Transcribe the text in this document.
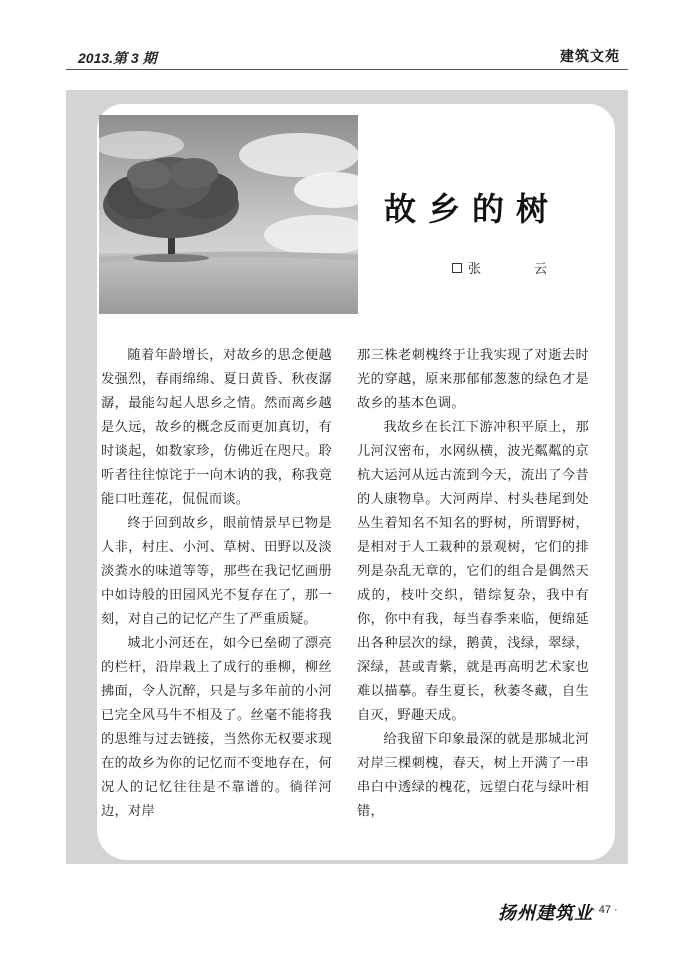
2013.第 3 期	建筑文苑
故乡的树
张　云

随着年龄增长，对故乡的思念便越发强烈，春雨绵绵、夏日黄昏、秋夜潺潺，最能勾起人思乡之情。然而离乡越是久远，故乡的概念反而更加真切，有时谈起，如数家珍，仿佛近在咫尺。聆听者往往惊诧于一向木讷的我，称我竟能口吐莲花，侃侃而谈。

终于回到故乡，眼前情景早已物是人非，村庄、小河、草树、田野以及淡淡粪水的味道等等，那些在我记忆画册中如诗般的田园风光不复存在了，那一刻，对自己的记忆产生了严重质疑。

城北小河还在，如今已垒砌了漂亮的栏杆，沿岸栽上了成行的垂柳，柳丝拂面，令人沉醉，只是与多年前的小河已完全风马牛不相及了。丝毫不能将我的思维与过去链接，当然你无权要求现在的故乡为你的记忆而不变地存在，何况人的记忆往往是不靠谱的。徜徉河边，对岸

那三株老刺槐终于让我实现了对逝去时光的穿越，原来那郁郁葱葱的绿色才是故乡的基本色调。

我故乡在长江下游冲积平原上，那儿河汉密布，水网纵横，波光粼粼的京杭大运河从远古流到今天，流出了今昔的人康物阜。大河两岸、村头巷尾到处丛生着知名不知名的野树，所谓野树，是相对于人工栽种的景观树，它们的排列是杂乱无章的，它们的组合是偶然天成的，枝叶交织，错综复杂，我中有你，你中有我，每当春季来临，便绵延出各种层次的绿，鹅黄，浅绿，翠绿，深绿，甚或青紫，就是再高明艺术家也难以描摹。春生夏长，秋萎冬藏，自生自灭，野趣天成。

给我留下印象最深的就是那城北河对岸三棵刺槐，春天，树上开满了一串串白中透绿的槐花，远望白花与绿叶相错，

扬州建筑业 · 47 ·
